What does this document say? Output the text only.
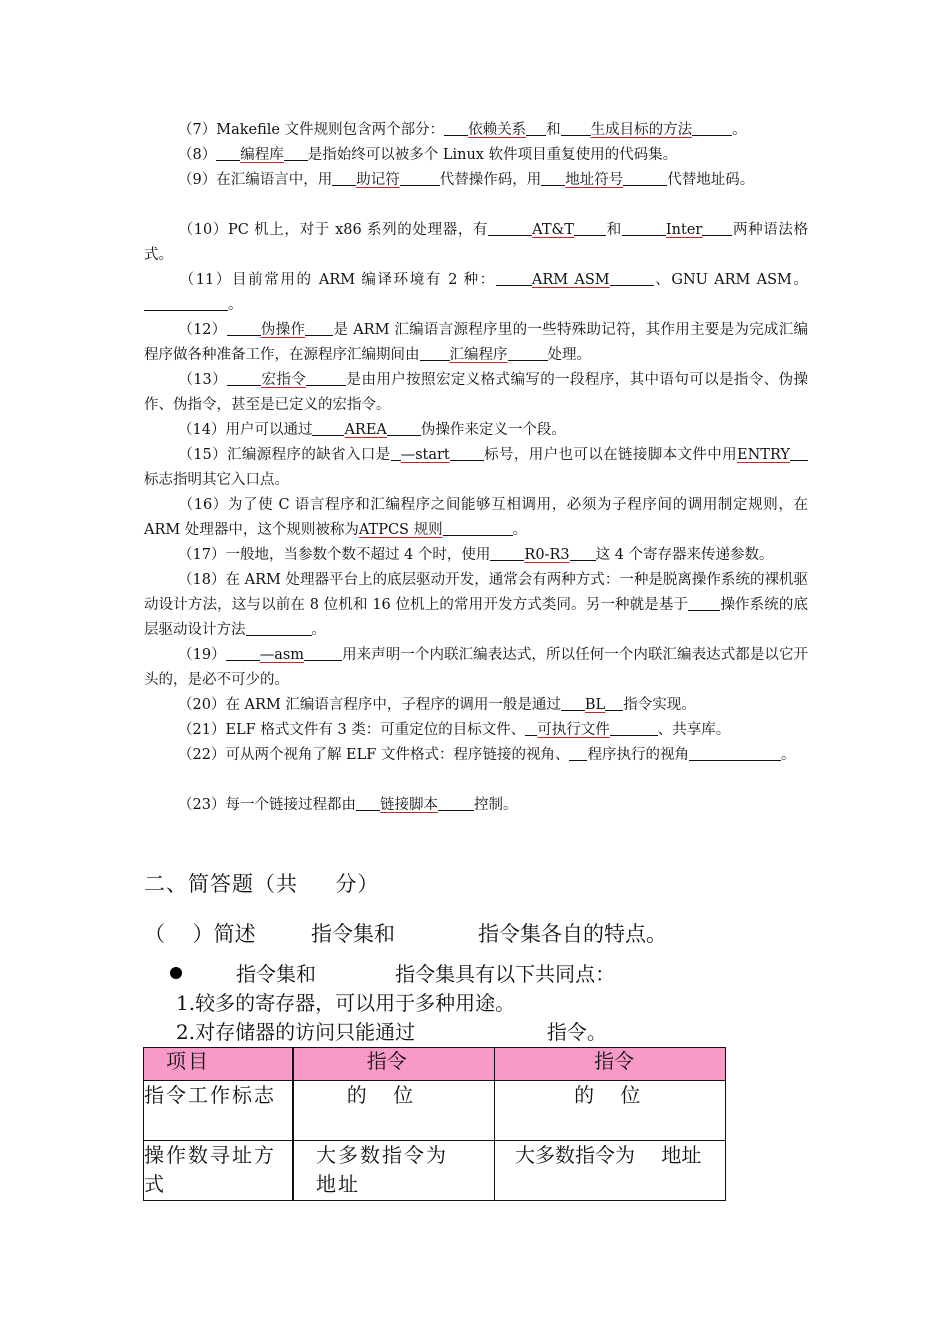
（7）Makefile 文件规则包含两个部分： 依赖关系 和 生成目标的方法	。
（8） 编程库 是指始终可以被多个 Linux 软件项目重复使用的代码集。
（9）在汇编语言中，用 助记符	代替操作码，用 地址符号	代替地址码。
（10）PC 机上，对于 x86 系列的处理器，有	AT&T 和	Inter 两种语法格式。
（11）目前常用的 ARM 编译环境有 2 种： ARM ASM	、GNU ARM ASM。。
（12） 伪操作 是 ARM 汇编语言源程序里的一些特殊助记符，其作用主要是为完成汇编程序做各种准备工作，在源程序汇编期间由 汇编程序	处理。
（13） 宏指令	是由用户按照宏定义格式编写的一段程序，其中语句可以是指令、伪操作、伪指令，甚至是已定义的宏指令。
（14）用户可以通过 AREA 伪操作来定义一个段。
（15）汇编源程序的缺省入口是 —start 标号，用户也可以在链接脚本文件中用ENTRY标志指明其它入口点。
（16）为了使 C 语言程序和汇编程序之间能够互相调用，必须为子程序间的调用制定规则，在 ARM 处理器中，这个规则被称为ATPCS 规则	。
（17）一般地，当参数个数不超过 4 个时，使用 R0-R3 这 4 个寄存器来传递参数。
（18）在 ARM 处理器平台上的底层驱动开发，通常会有两种方式：一种是脱离操作系统的裸机驱动设计方法，这与以前在 8 位机和 16 位机上的常用开发方式类同。另一种就是基于 操作系统的底层驱动设计方法	。
（19） —asm	用来声明一个内联汇编表达式，所以任何一个内联汇编表达式都是以它开头的，是必不可少的。
（20）在 ARM 汇编语言程序中，子程序的调用一般是通过 BL 指令实现。
（21）ELF 格式文件有 3 类：可重定位的目标文件、 可执行文件	、共享库。
（22）可从两个视角了解 ELF 文件格式：程序链接的视角、 程序执行的视角	。
（23）每一个链接过程都由 链接脚本 控制。
二、简答题（共 　 分）
（ 　）简述 　 　指令集和 　 　 　指令集各自的特点。
指令集和 　 　 　指令集具有以下共同点：
1.较多的寄存器，可以用于多种用途。
2.对存储器的访问只能通过 　 　 　 　 　指令。
　项目	　 　 　指令	　 　 　 　指令
指令工作标志	　 　 的 　位	　 　 　 的 　位
操作数寻址方式	　大多数指令为 　地址	　大多数指令为 　地址
